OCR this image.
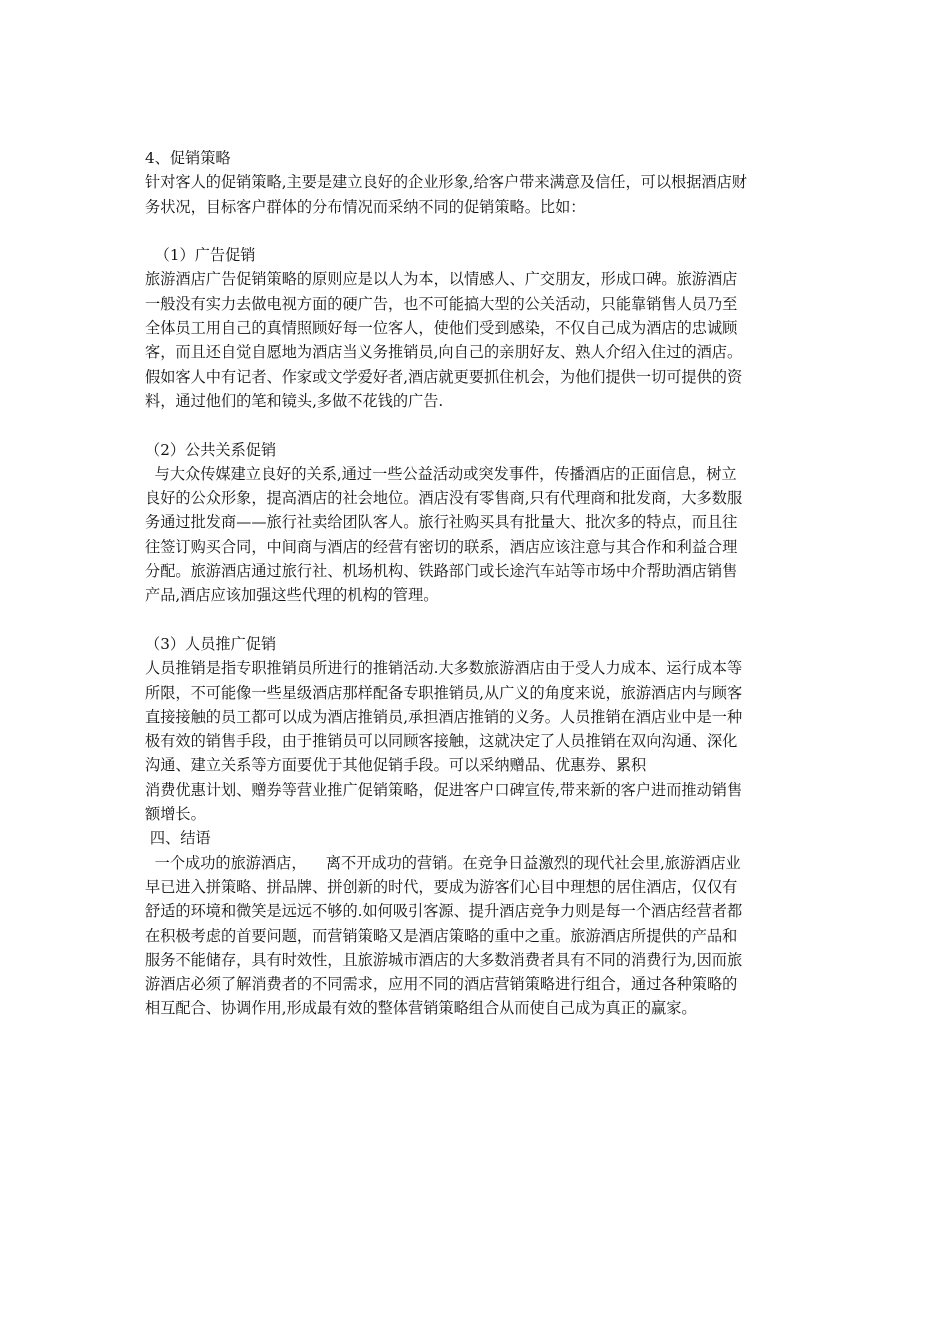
4、促销策略
针对客人的促销策略,主要是建立良好的企业形象,给客户带来满意及信任，可以根据酒店财
务状况，目标客户群体的分布情况而采纳不同的促销策略。比如：
（1）广告促销
旅游酒店广告促销策略的原则应是以人为本，以情感人、广交朋友，形成口碑。旅游酒店
一般没有实力去做电视方面的硬广告，也不可能搞大型的公关活动，只能靠销售人员乃至
全体员工用自己的真情照顾好每一位客人，使他们受到感染，不仅自己成为酒店的忠诚顾
客，而且还自觉自愿地为酒店当义务推销员,向自己的亲朋好友、熟人介绍入住过的酒店。
假如客人中有记者、作家或文学爱好者,酒店就更要抓住机会，为他们提供一切可提供的资
料，通过他们的笔和镜头,多做不花钱的广告.
（2）公共关系促销
与大众传媒建立良好的关系,通过一些公益活动或突发事件，传播酒店的正面信息，树立
良好的公众形象，提高酒店的社会地位。酒店没有零售商,只有代理商和批发商，大多数服
务通过批发商——旅行社卖给团队客人。旅行社购买具有批量大、批次多的特点，而且往
往签订购买合同，中间商与酒店的经营有密切的联系，酒店应该注意与其合作和利益合理
分配。旅游酒店通过旅行社、机场机构、铁路部门或长途汽车站等市场中介帮助酒店销售
产品,酒店应该加强这些代理的机构的管理。
（3）人员推广促销
人员推销是指专职推销员所进行的推销活动.大多数旅游酒店由于受人力成本、运行成本等
所限，不可能像一些星级酒店那样配备专职推销员,从广义的角度来说，旅游酒店内与顾客
直接接触的员工都可以成为酒店推销员,承担酒店推销的义务。人员推销在酒店业中是一种
极有效的销售手段，由于推销员可以同顾客接触，这就决定了人员推销在双向沟通、深化
沟通、建立关系等方面要优于其他促销手段。可以采纳赠品、优惠券、累积
消费优惠计划、赠券等营业推广促销策略，促进客户口碑宣传,带来新的客户进而推动销售
额增长。
四、结语
一个成功的旅游酒店，    离不开成功的营销。在竞争日益激烈的现代社会里,旅游酒店业
早已进入拼策略、拼品牌、拼创新的时代，要成为游客们心目中理想的居住酒店，仅仅有
舒适的环境和微笑是远远不够的.如何吸引客源、提升酒店竞争力则是每一个酒店经营者都
在积极考虑的首要问题，而营销策略又是酒店策略的重中之重。旅游酒店所提供的产品和
服务不能储存，具有时效性，且旅游城市酒店的大多数消费者具有不同的消费行为,因而旅
游酒店必须了解消费者的不同需求，应用不同的酒店营销策略进行组合，通过各种策略的
相互配合、协调作用,形成最有效的整体营销策略组合从而使自己成为真正的赢家。
